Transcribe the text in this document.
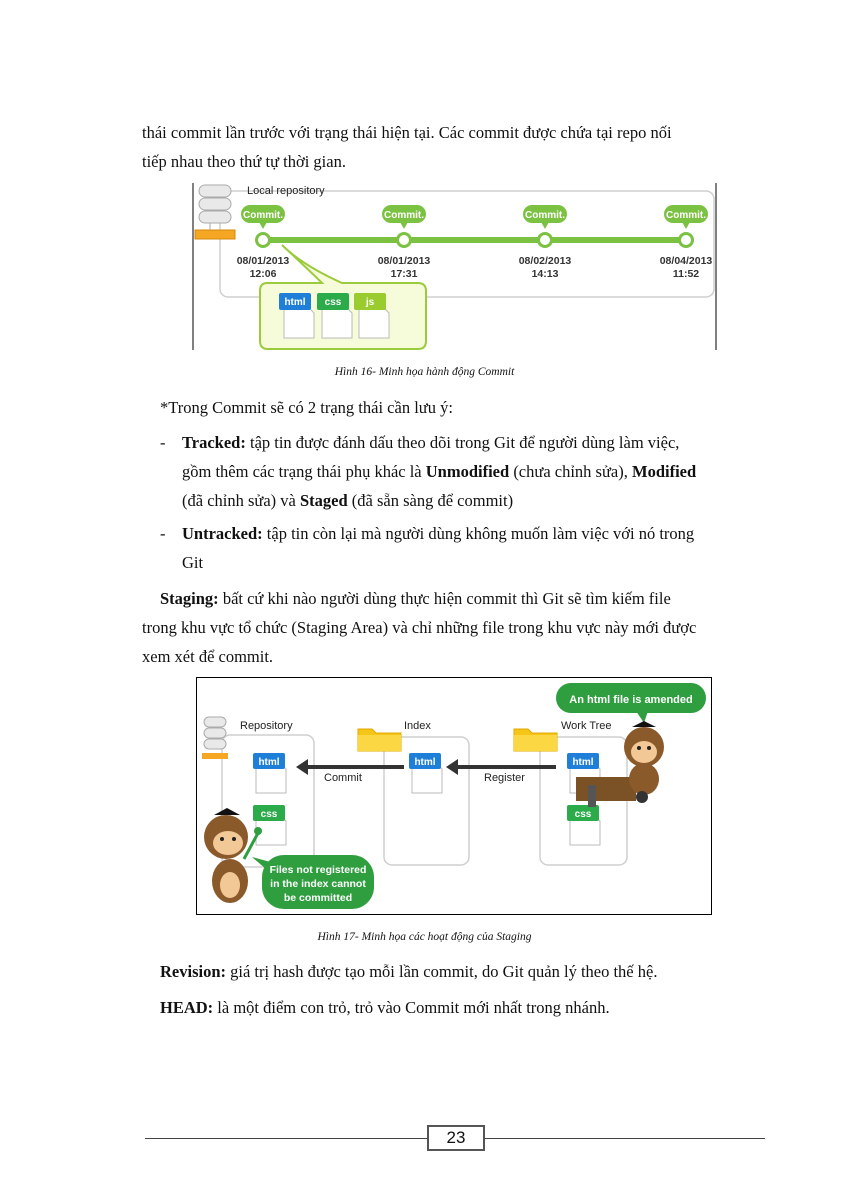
thái commit lần trước với trạng thái hiện tại. Các commit được chứa tại repo nối
tiếp nhau theo thứ tự thời gian.
Local repository
Commit.
08/01/2013
12:06
Commit.
08/01/2013
17:31
Commit.
08/02/2013
14:13
Commit.
08/04/2013
11:52
html css js
Hình 16- Minh họa hành động Commit
*Trong Commit sẽ có 2 trạng thái cần lưu ý:
- Tracked: tập tin được đánh dấu theo dõi trong Git để người dùng làm việc,
gồm thêm các trạng thái phụ khác là Unmodified (chưa chỉnh sửa), Modified
(đã chỉnh sửa) và Staged (đã sẵn sàng để commit)
- Untracked: tập tin còn lại mà người dùng không muốn làm việc với nó trong
Git
Staging: bất cứ khi nào người dùng thực hiện commit thì Git sẽ tìm kiếm file
trong khu vực tổ chức (Staging Area) và chỉ những file trong khu vực này mới được
xem xét để commit.
Repository	Index	Work Tree
An html file is amended
html
css
html	html
css
Commit	Register
Files not registered
in the index cannot
be committed
Hình 17- Minh họa các hoạt động của Staging
Revision: giá trị hash được tạo mỗi lần commit, do Git quản lý theo thế hệ.
HEAD: là một điểm con trỏ, trỏ vào Commit mới nhất trong nhánh.
23
